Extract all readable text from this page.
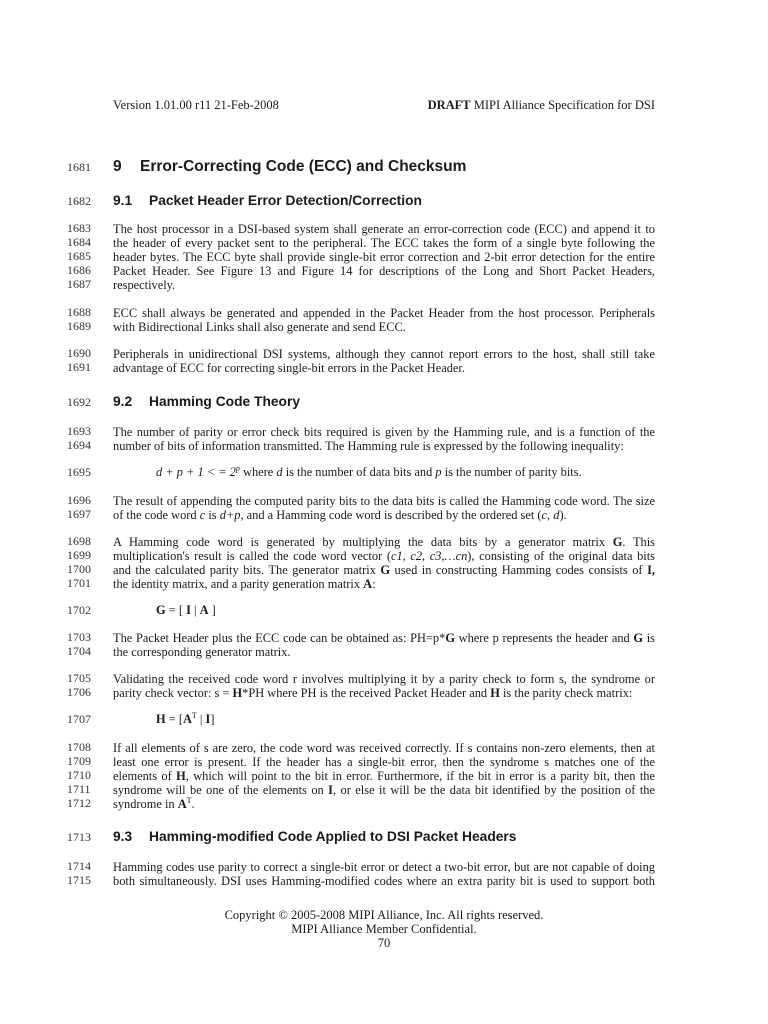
Version 1.01.00 r11 21-Feb-2008	DRAFT MIPI Alliance Specification for DSI
1681	9 Error-Correcting Code (ECC) and Checksum
1682	9.1 Packet Header Error Detection/Correction
1683
1684
1685
1686
1687
The host processor in a DSI-based system shall generate an error-correction code (ECC) and append it to
the header of every packet sent to the peripheral. The ECC takes the form of a single byte following the
header bytes. The ECC byte shall provide single-bit error correction and 2-bit error detection for the entire
Packet Header. See Figure 13 and Figure 14 for descriptions of the Long and Short Packet Headers,
respectively.
1688
1689
ECC shall always be generated and appended in the Packet Header from the host processor. Peripherals
with Bidirectional Links shall also generate and send ECC.
1690
1691
Peripherals in unidirectional DSI systems, although they cannot report errors to the host, shall still take
advantage of ECC for correcting single-bit errors in the Packet Header.
1692	9.2 Hamming Code Theory
1693
1694
The number of parity or error check bits required is given by the Hamming rule, and is a function of the
number of bits of information transmitted. The Hamming rule is expressed by the following inequality:
1695	d + p + 1 < = $2^p$ where d is the number of data bits and p is the number of parity bits.
1696
1697
The result of appending the computed parity bits to the data bits is called the Hamming code word. The size
of the code word c is d+p, and a Hamming code word is described by the ordered set (c, d).
1698
1699
1700
1701
A Hamming code word is generated by multiplying the data bits by a generator matrix G. This
multiplication's result is called the code word vector (c1, c2, c3,…cn), consisting of the original data bits
and the calculated parity bits. The generator matrix G used in constructing Hamming codes consists of I,
the identity matrix, and a parity generation matrix A:
1702	G = [ I | A ]
1703
1704
The Packet Header plus the ECC code can be obtained as: PH=p*G where p represents the header and G is
the corresponding generator matrix.
1705
1706
Validating the received code word r involves multiplying it by a parity check to form s, the syndrome or
parity check vector: s = H*PH where PH is the received Packet Header and H is the parity check matrix:
1707	$H = [A^T$ | I]
1708
1709
1710
1711
1712
If all elements of s are zero, the code word was received correctly. If s contains non-zero elements, then at
least one error is present. If the header has a single-bit error, then the syndrome s matches one of the
elements of H, which will point to the bit in error. Furthermore, if the bit in error is a parity bit, then the
syndrome will be one of the elements on I, or else it will be the data bit identified by the position of the
syndrome in $A^T$.
1713	9.3 Hamming-modified Code Applied to DSI Packet Headers
1714
1715
Hamming codes use parity to correct a single-bit error or detect a two-bit error, but are not capable of doing
both simultaneously. DSI uses Hamming-modified codes where an extra parity bit is used to support both
Copyright © 2005-2008 MIPI Alliance, Inc. All rights reserved.
MIPI Alliance Member Confidential.
70
